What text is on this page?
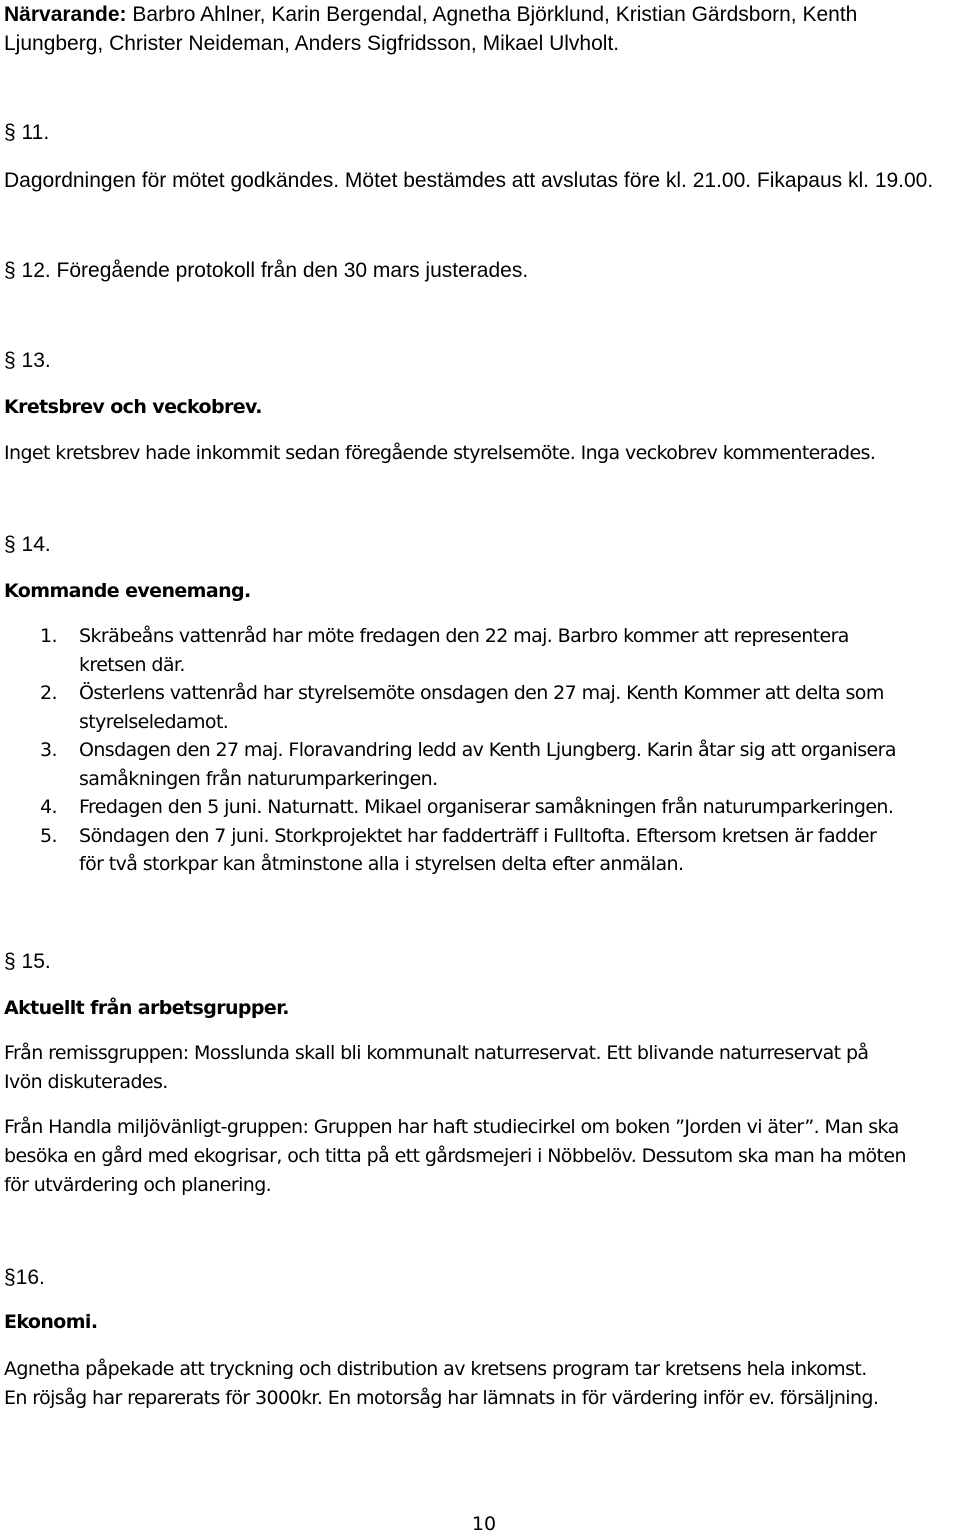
Närvarande: Barbro Ahlner, Karin Bergendal, Agnetha Björklund, Kristian Gärdsborn, Kenth
Ljungberg, Christer Neideman, Anders Sigfridsson, Mikael Ulvholt.
§ 11.
Dagordningen för mötet godkändes. Mötet bestämdes att avslutas före kl. 21.00. Fikapaus kl. 19.00.
§ 12. Föregående protokoll från den 30 mars justerades.
§ 13.
Kretsbrev och veckobrev.
Inget kretsbrev hade inkommit sedan föregående styrelsemöte. Inga veckobrev kommenterades.
§ 14.
Kommande evenemang.
1. Skräbeåns vattenråd har möte fredagen den 22 maj. Barbro kommer att representera
kretsen där.
2. Österlens vattenråd har styrelsemöte onsdagen den 27 maj. Kenth Kommer att delta som
styrelseledamot.
3. Onsdagen den 27 maj. Floravandring ledd av Kenth Ljungberg. Karin åtar sig att organisera
samåkningen från naturumparkeringen.
4. Fredagen den 5 juni. Naturnatt. Mikael organiserar samåkningen från naturumparkeringen.
5. Söndagen den 7 juni. Storkprojektet har fadderträff i Fulltofta. Eftersom kretsen är fadder
för två storkpar kan åtminstone alla i styrelsen delta efter anmälan.
§ 15.
Aktuellt från arbetsgrupper.
Från remissgruppen: Mosslunda skall bli kommunalt naturreservat. Ett blivande naturreservat på
Ivön diskuterades.
Från Handla miljövänligt-gruppen: Gruppen har haft studiecirkel om boken ”Jorden vi äter”. Man ska
besöka en gård med ekogrisar, och titta på ett gårdsmejeri i Nöbbelöv. Dessutom ska man ha möten
för utvärdering och planering.
§16.
Ekonomi.
Agnetha påpekade att tryckning och distribution av kretsens program tar kretsens hela inkomst.
En röjsåg har reparerats för 3000kr. En motorsåg har lämnats in för värdering inför ev. försäljning.
10
